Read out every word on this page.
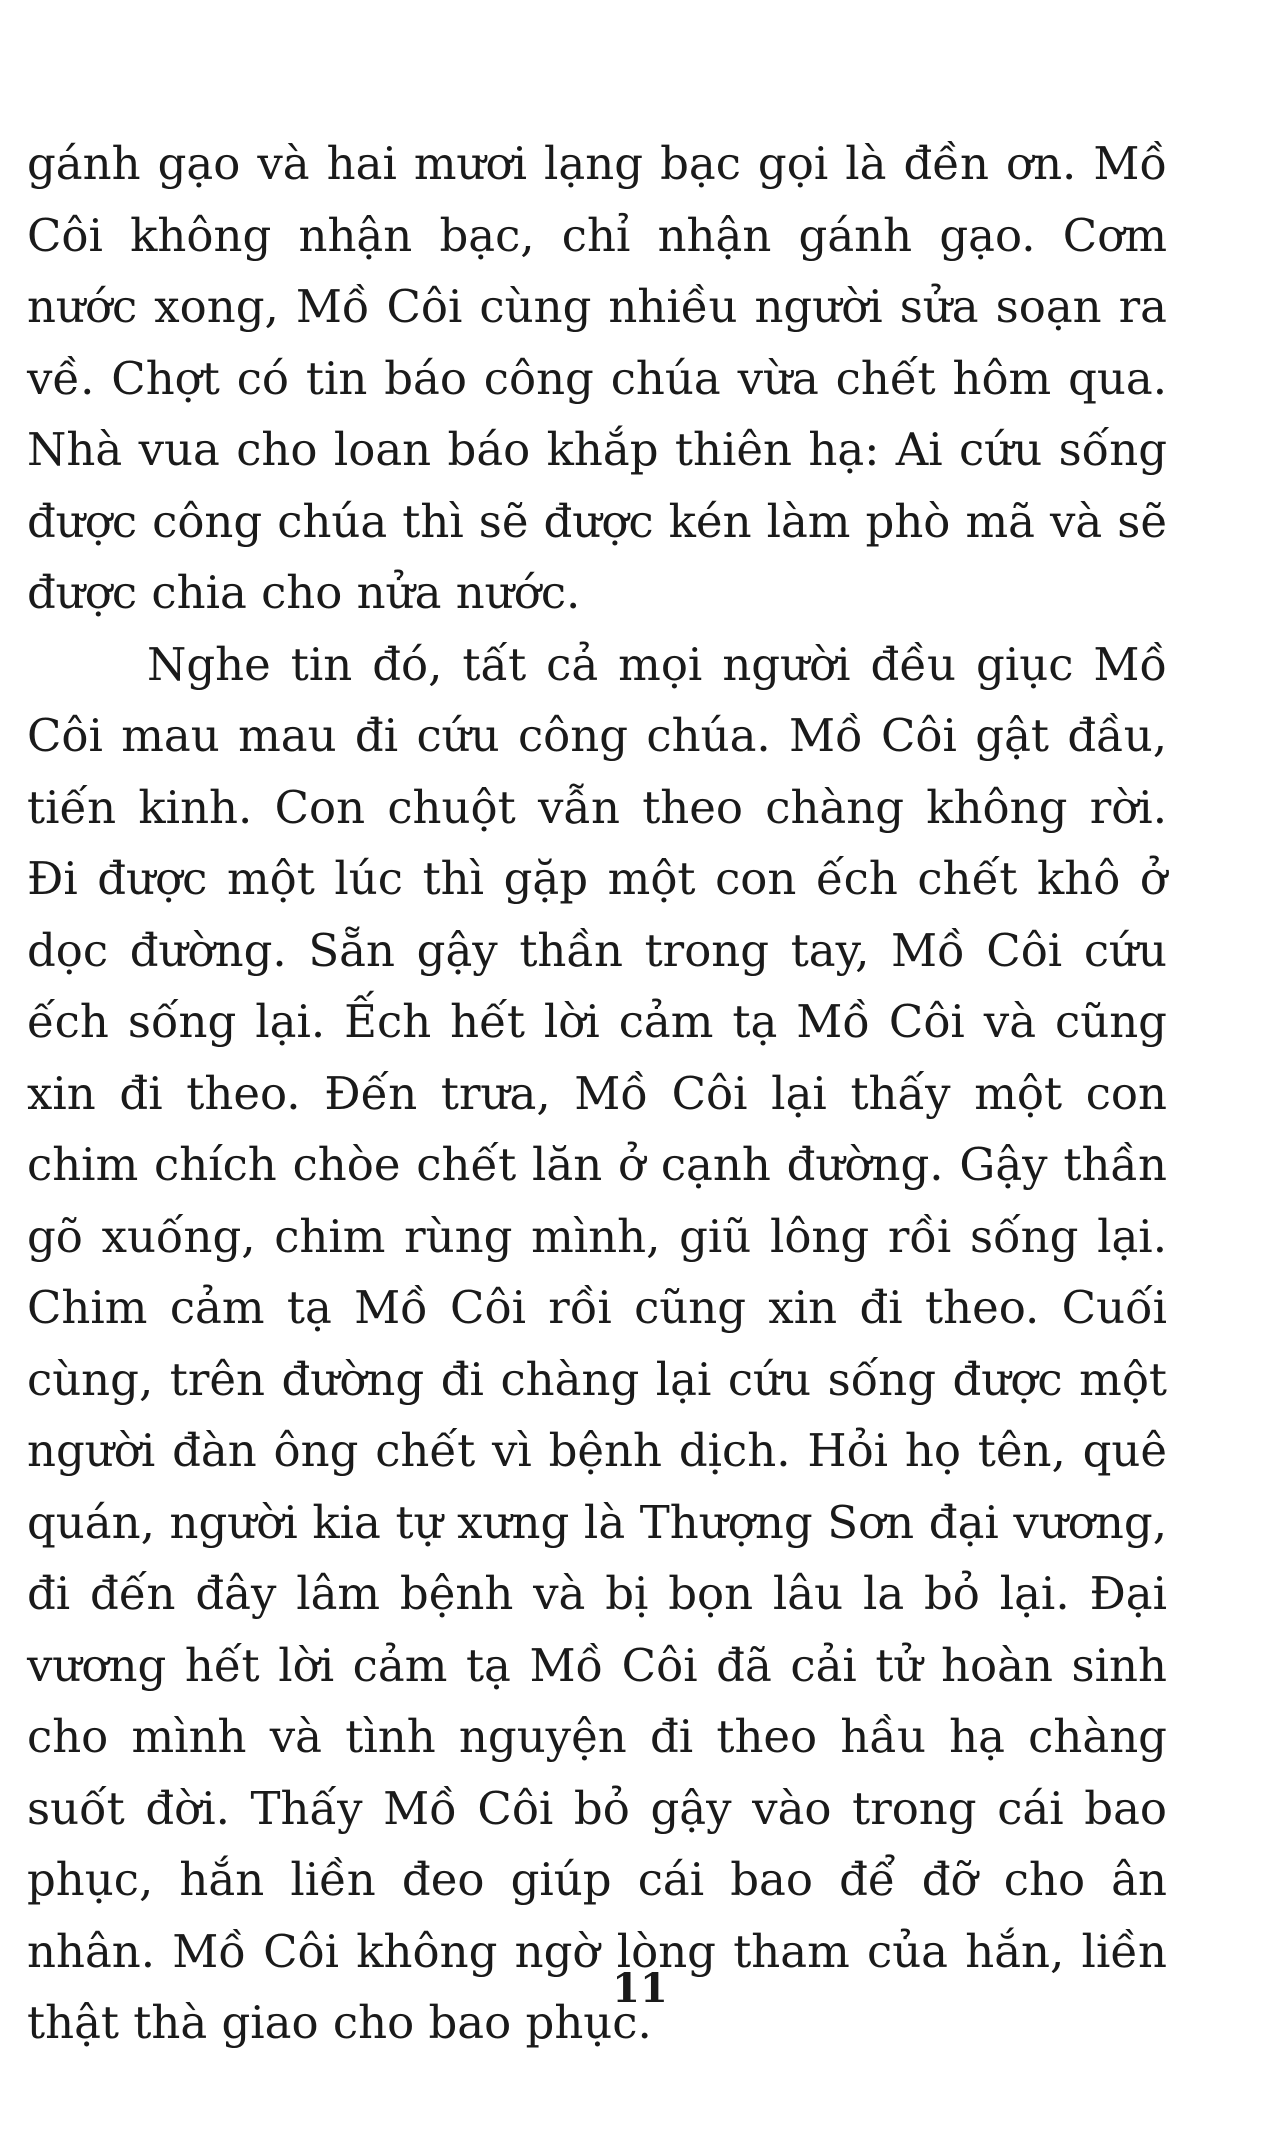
gánh gạo và hai mươi lạng bạc gọi là đền ơn. Mồ Côi không nhận bạc, chỉ nhận gánh gạo. Cơm nước xong, Mồ Côi cùng nhiều người sửa soạn ra về. Chợt có tin báo công chúa vừa chết hôm qua. Nhà vua cho loan báo khắp thiên hạ: Ai cứu sống được công chúa thì sẽ được kén làm phò mã và sẽ được chia cho nửa nước.

Nghe tin đó, tất cả mọi người đều giục Mồ Côi mau mau đi cứu công chúa. Mồ Côi gật đầu, tiến kinh. Con chuột vẫn theo chàng không rời. Đi được một lúc thì gặp một con ếch chết khô ở dọc đường. Sẵn gậy thần trong tay, Mồ Côi cứu ếch sống lại. Ếch hết lời cảm tạ Mồ Côi và cũng xin đi theo. Đến trưa, Mồ Côi lại thấy một con chim chích chòe chết lăn ở cạnh đường. Gậy thần gõ xuống, chim rùng mình, giũ lông rồi sống lại. Chim cảm tạ Mồ Côi rồi cũng xin đi theo. Cuối cùng, trên đường đi chàng lại cứu sống được một người đàn ông chết vì bệnh dịch. Hỏi họ tên, quê quán, người kia tự xưng là Thượng Sơn đại vương, đi đến đây lâm bệnh và bị bọn lâu la bỏ lại. Đại vương hết lời cảm tạ Mồ Côi đã cải tử hoàn sinh cho mình và tình nguyện đi theo hầu hạ chàng suốt đời. Thấy Mồ Côi bỏ gậy vào trong cái bao phục, hắn liền đeo giúp cái bao để đỡ cho ân nhân. Mồ Côi không ngờ lòng tham của hắn, liền thật thà giao cho bao phục.

11
